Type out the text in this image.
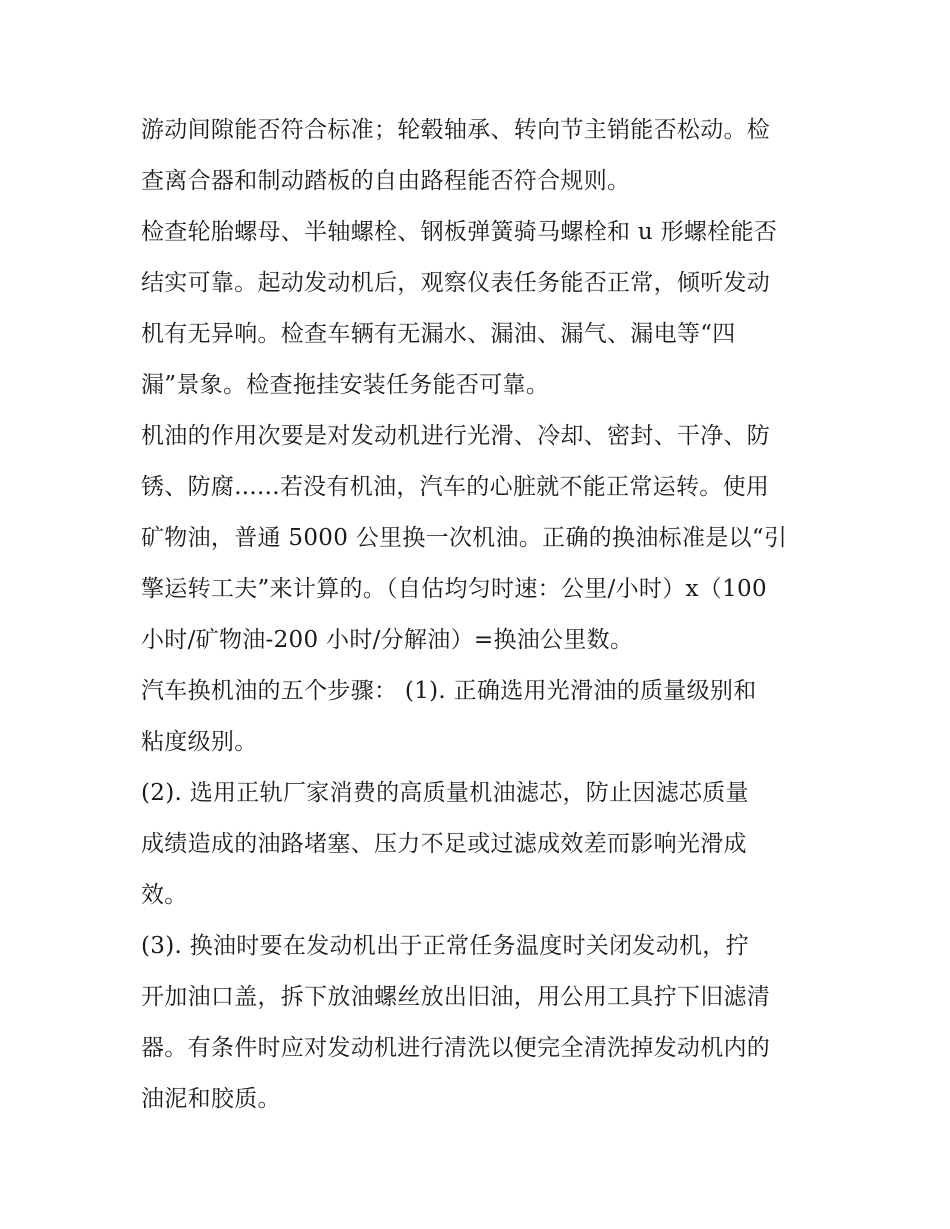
游动间隙能否符合标准；轮毂轴承、转向节主销能否松动。检
查离合器和制动踏板的自由路程能否符合规则。
检查轮胎螺母、半轴螺栓、钢板弹簧骑马螺栓和 u 形螺栓能否
结实可靠。起动发动机后，观察仪表任务能否正常，倾听发动
机有无异响。检查车辆有无漏水、漏油、漏气、漏电等“四
漏”景象。检查拖挂安装任务能否可靠。
机油的作用次要是对发动机进行光滑、冷却、密封、干净、防
锈、防腐......若没有机油，汽车的心脏就不能正常运转。使用
矿物油，普通 5000 公里换一次机油。正确的换油标准是以“引
擎运转工夫”来计算的。（自估均匀时速：公里/小时）x（100
小时/矿物油-200 小时/分解油）=换油公里数。
汽车换机油的五个步骤： (1). 正确选用光滑油的质量级别和
粘度级别。
(2). 选用正轨厂家消费的高质量机油滤芯，防止因滤芯质量
成绩造成的油路堵塞、压力不足或过滤成效差而影响光滑成
效。
(3). 换油时要在发动机出于正常任务温度时关闭发动机，拧
开加油口盖，拆下放油螺丝放出旧油，用公用工具拧下旧滤清
器。有条件时应对发动机进行清洗以便完全清洗掉发动机内的
油泥和胶质。
